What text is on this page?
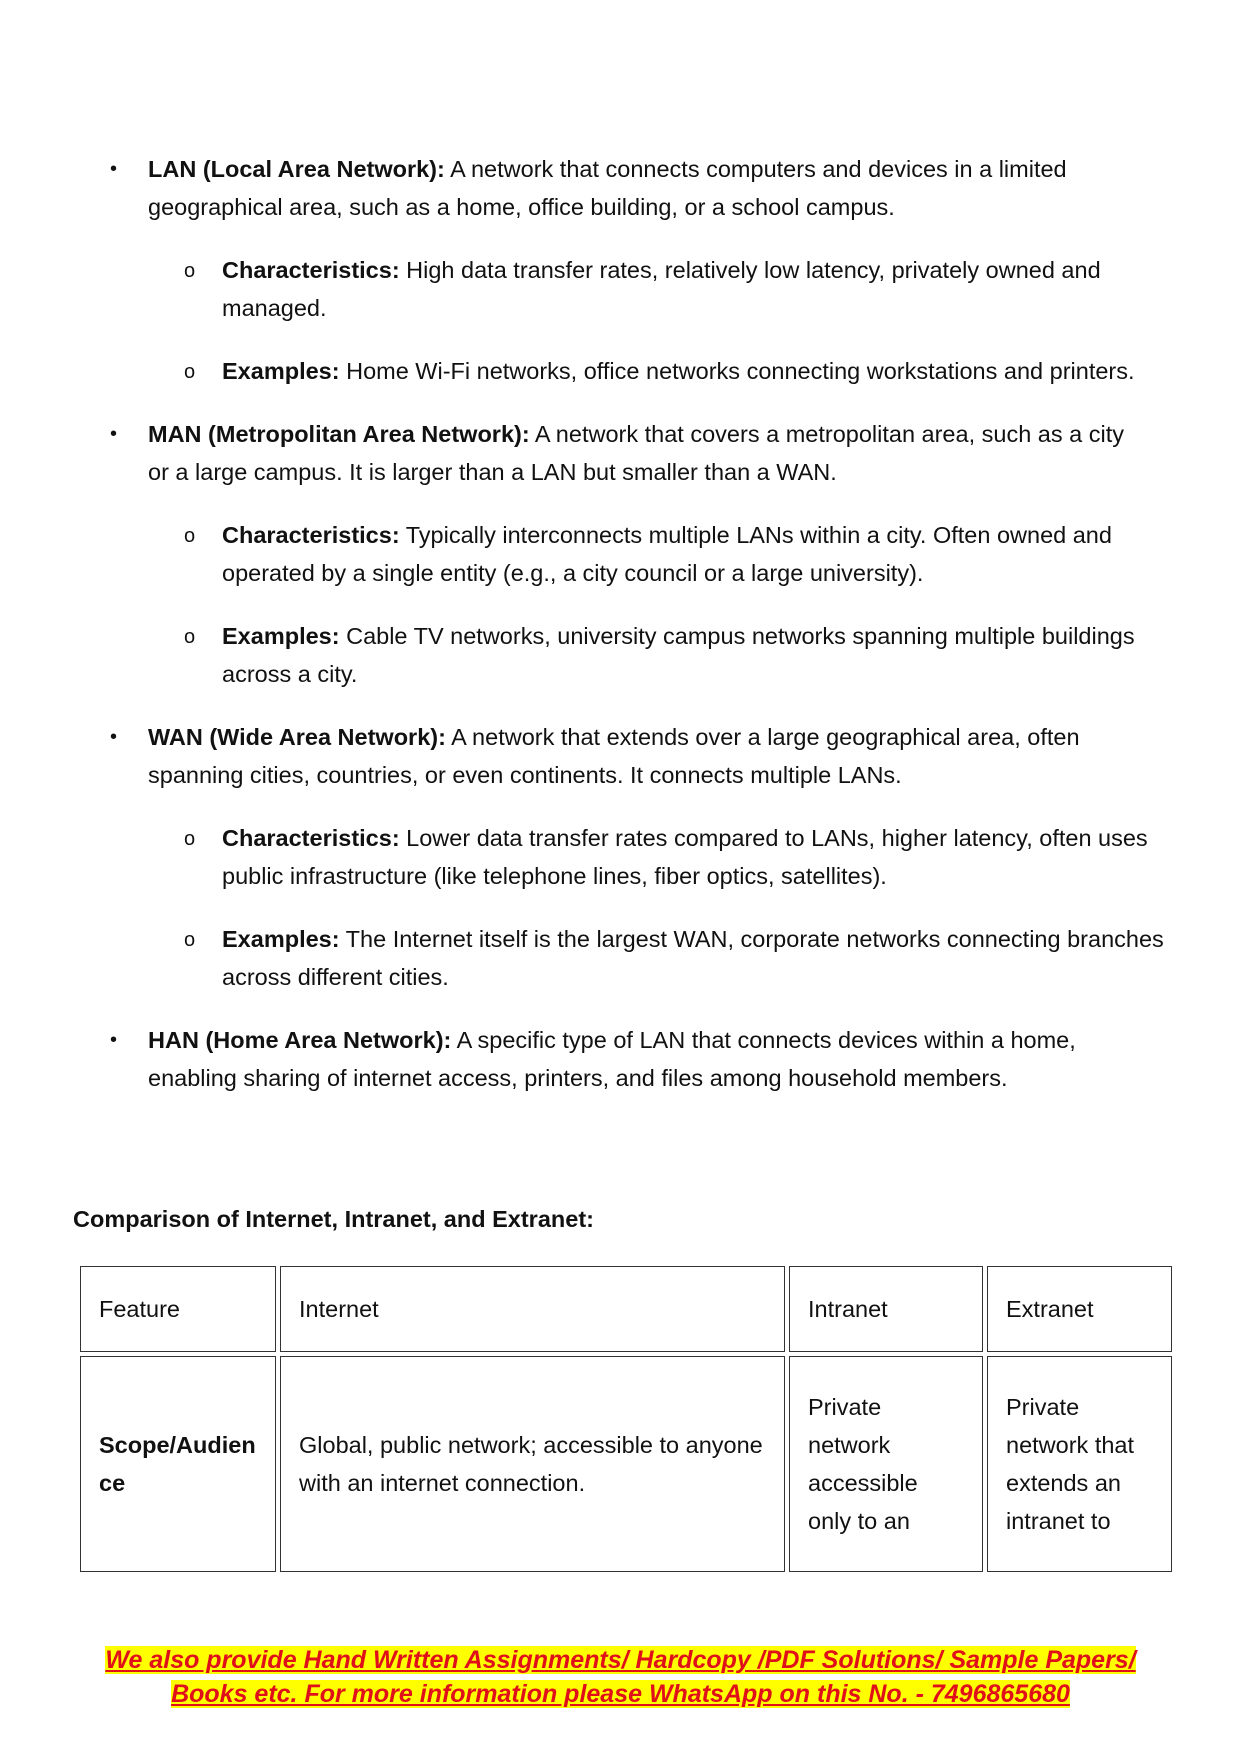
• LAN (Local Area Network): A network that connects computers and devices in a limited geographical area, such as a home, office building, or a school campus.
o Characteristics: High data transfer rates, relatively low latency, privately owned and managed.
o Examples: Home Wi-Fi networks, office networks connecting workstations and printers.
• MAN (Metropolitan Area Network): A network that covers a metropolitan area, such as a city or a large campus. It is larger than a LAN but smaller than a WAN.
o Characteristics: Typically interconnects multiple LANs within a city. Often owned and operated by a single entity (e.g., a city council or a large university).
o Examples: Cable TV networks, university campus networks spanning multiple buildings across a city.
• WAN (Wide Area Network): A network that extends over a large geographical area, often spanning cities, countries, or even continents. It connects multiple LANs.
o Characteristics: Lower data transfer rates compared to LANs, higher latency, often uses public infrastructure (like telephone lines, fiber optics, satellites).
o Examples: The Internet itself is the largest WAN, corporate networks connecting branches across different cities.
• HAN (Home Area Network): A specific type of LAN that connects devices within a home, enabling sharing of internet access, printers, and files among household members.
Comparison of Internet, Intranet, and Extranet:
Feature	Internet	Intranet	Extranet
Scope/Audience	Global, public network; accessible to anyone with an internet connection.	Private network accessible only to an	Private network that extends an intranet to
We also provide Hand Written Assignments/ Hardcopy /PDF Solutions/ Sample Papers/
Books etc. For more information please WhatsApp on this No. - 7496865680
